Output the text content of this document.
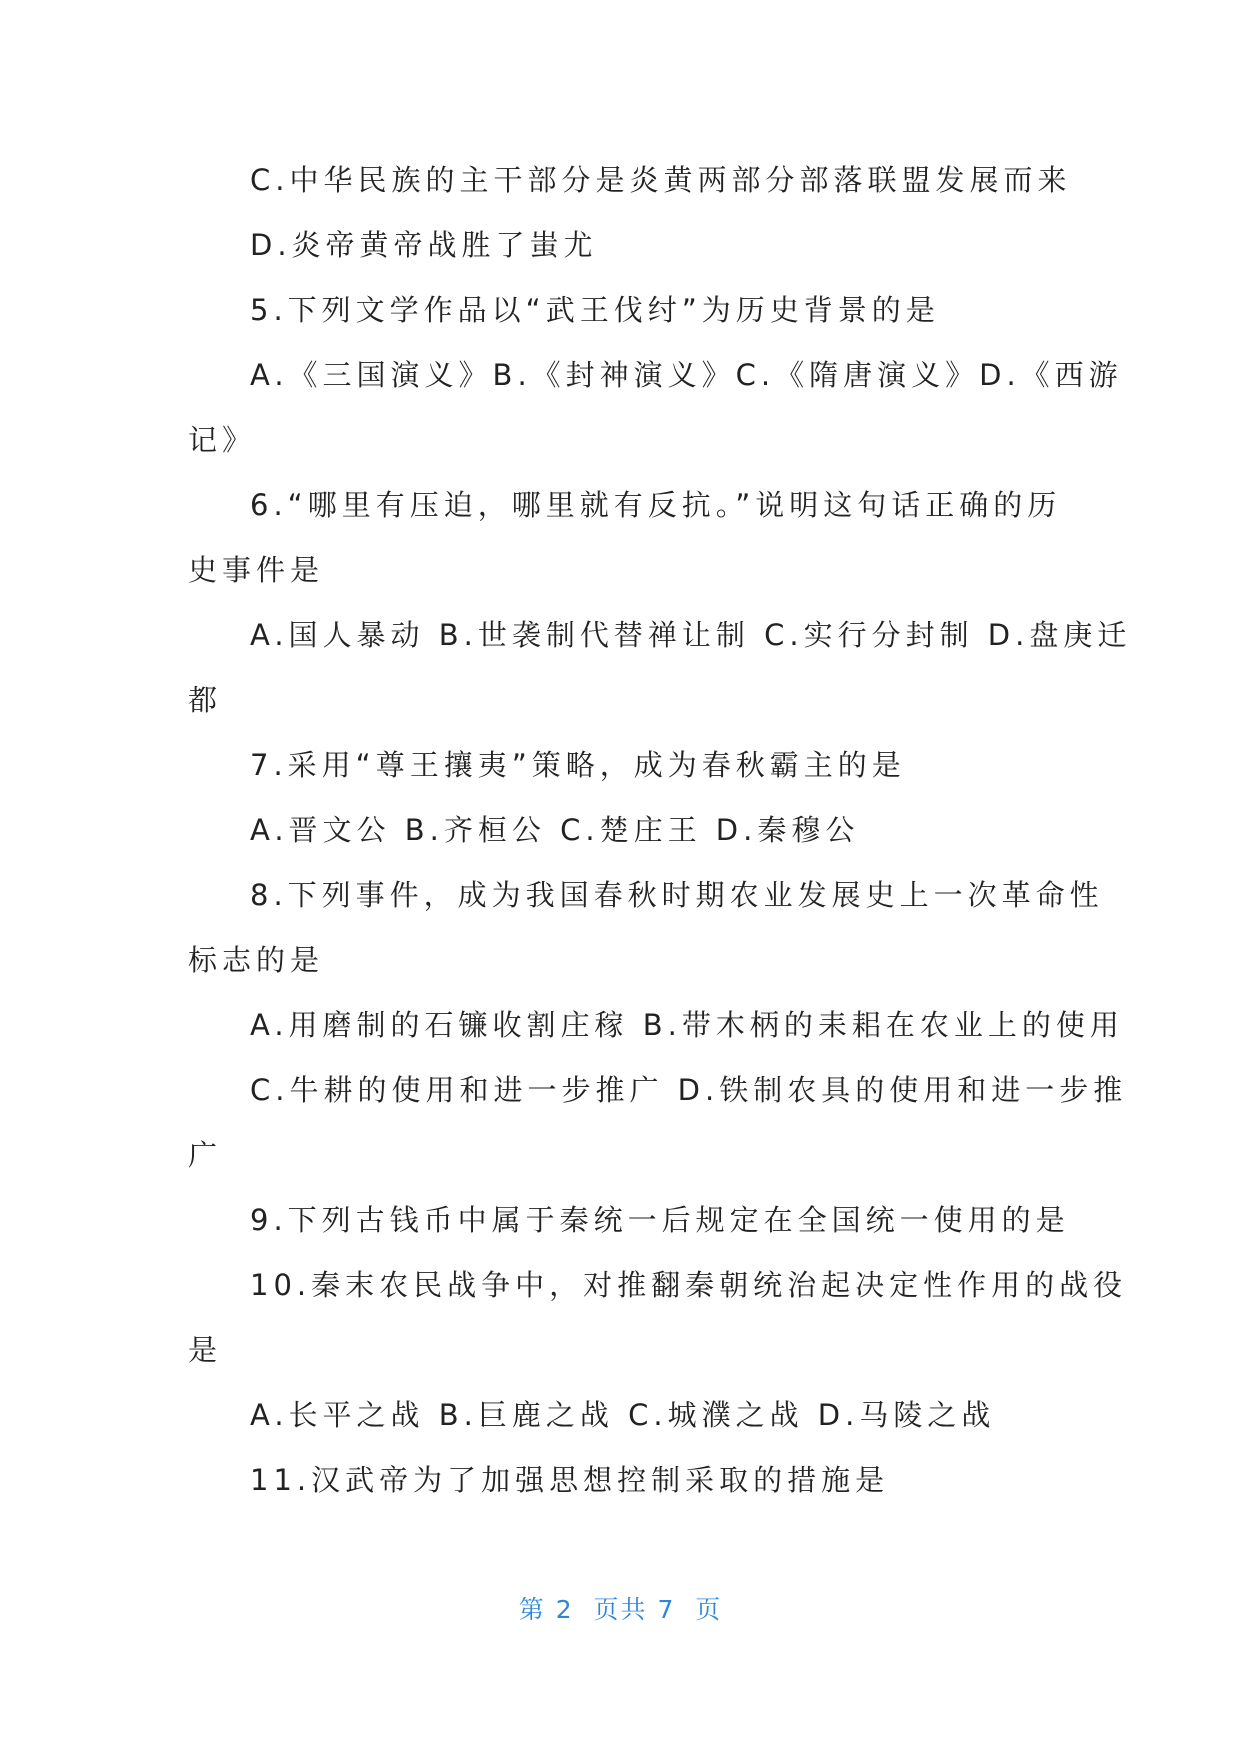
C.中华民族的主干部分是炎黄两部分部落联盟发展而来
D.炎帝黄帝战胜了蚩尤
5.下列文学作品以“武王伐纣”为历史背景的是
A.《三国演义》B.《封神演义》C.《隋唐演义》D.《西游
记》
6.“哪里有压迫，哪里就有反抗。”说明这句话正确的历
史事件是
A.国人暴动 B.世袭制代替禅让制 C.实行分封制 D.盘庚迁
都
7.采用“尊王攘夷”策略，成为春秋霸主的是
A.晋文公 B.齐桓公 C.楚庄王 D.秦穆公
8.下列事件，成为我国春秋时期农业发展史上一次革命性
标志的是
A.用磨制的石镰收割庄稼 B.带木柄的耒耜在农业上的使用
C.牛耕的使用和进一步推广 D.铁制农具的使用和进一步推
广
9.下列古钱币中属于秦统一后规定在全国统一使用的是
10.秦末农民战争中，对推翻秦朝统治起决定性作用的战役
是
A.长平之战 B.巨鹿之战 C.城濮之战 D.马陵之战
11.汉武帝为了加强思想控制采取的措施是
第 2  页共 7  页
